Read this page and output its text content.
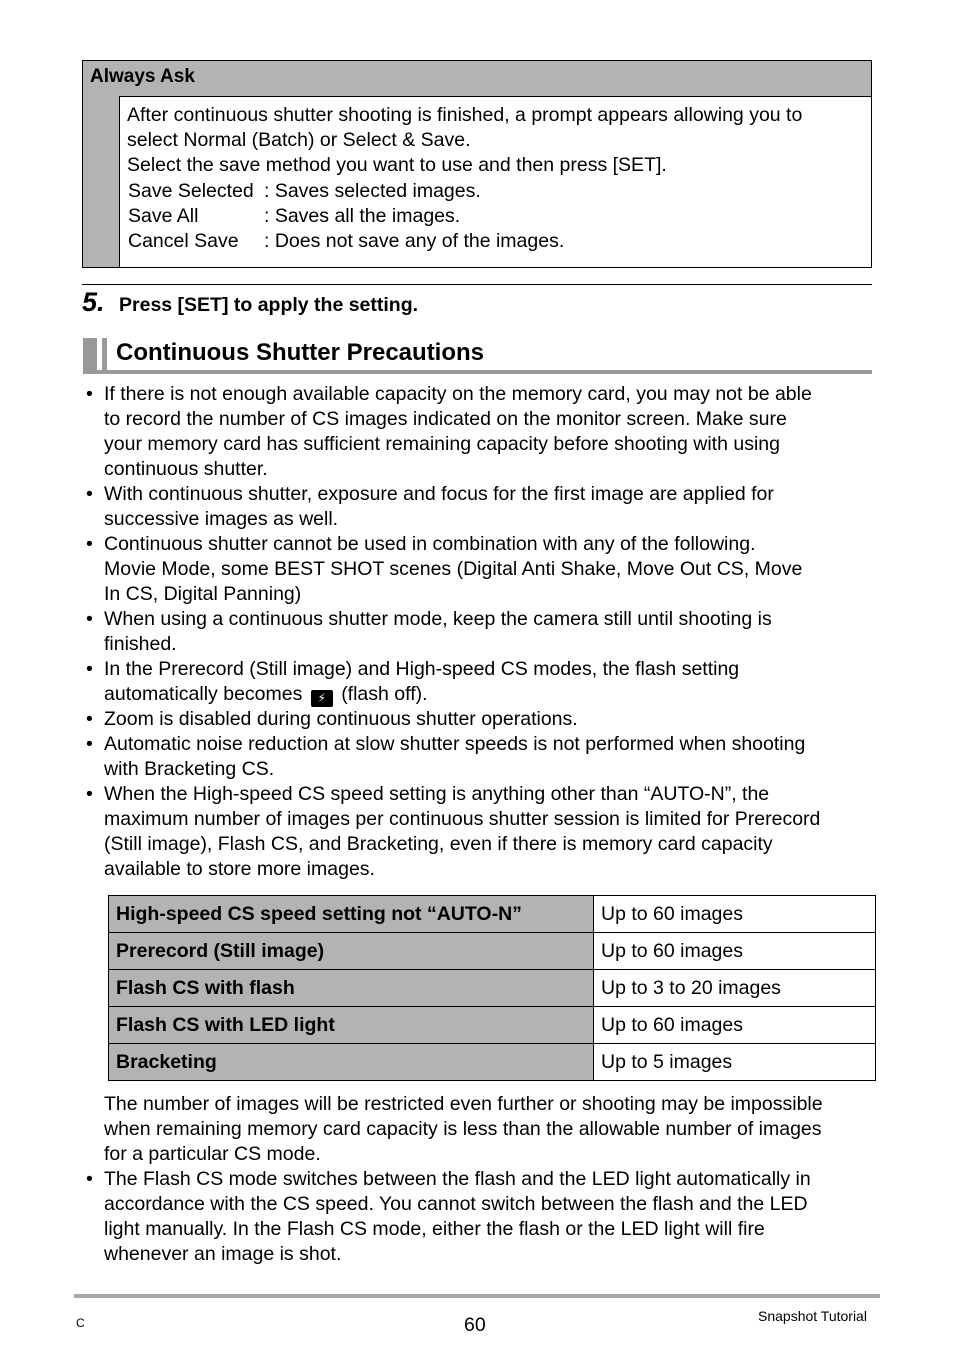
Always Ask
After continuous shutter shooting is finished, a prompt appears allowing you to
select Normal (Batch) or Select & Save.
Select the save method you want to use and then press [SET].
Save Selected : Saves selected images.
Save All	: Saves all the images.
Cancel Save : Does not save any of the images.
5. Press [SET] to apply the setting.
Continuous Shutter Precautions
• If there is not enough available capacity on the memory card, you may not be able
to record the number of CS images indicated on the monitor screen. Make sure
your memory card has sufficient remaining capacity before shooting with using
continuous shutter.
• With continuous shutter, exposure and focus for the first image are applied for
successive images as well.
• Continuous shutter cannot be used in combination with any of the following.
Movie Mode, some BEST SHOT scenes (Digital Anti Shake, Move Out CS, Move
In CS, Digital Panning)
• When using a continuous shutter mode, keep the camera still until shooting is
finished.
• In the Prerecord (Still image) and High-speed CS modes, the flash setting
automatically becomes ⚡ (flash off).
• Zoom is disabled during continuous shutter operations.
• Automatic noise reduction at slow shutter speeds is not performed when shooting
with Bracketing CS.
• When the High-speed CS speed setting is anything other than “AUTO-N”, the
maximum number of images per continuous shutter session is limited for Prerecord
(Still image), Flash CS, and Bracketing, even if there is memory card capacity
available to store more images.
High-speed CS speed setting not “AUTO-N”	Up to 60 images
Prerecord (Still image)	Up to 60 images
Flash CS with flash	Up to 3 to 20 images
Flash CS with LED light	Up to 60 images
Bracketing	Up to 5 images
The number of images will be restricted even further or shooting may be impossible
when remaining memory card capacity is less than the allowable number of images
for a particular CS mode.
• The Flash CS mode switches between the flash and the LED light automatically in
accordance with the CS speed. You cannot switch between the flash and the LED
light manually. In the Flash CS mode, either the flash or the LED light will fire
whenever an image is shot.
C	60	Snapshot Tutorial
